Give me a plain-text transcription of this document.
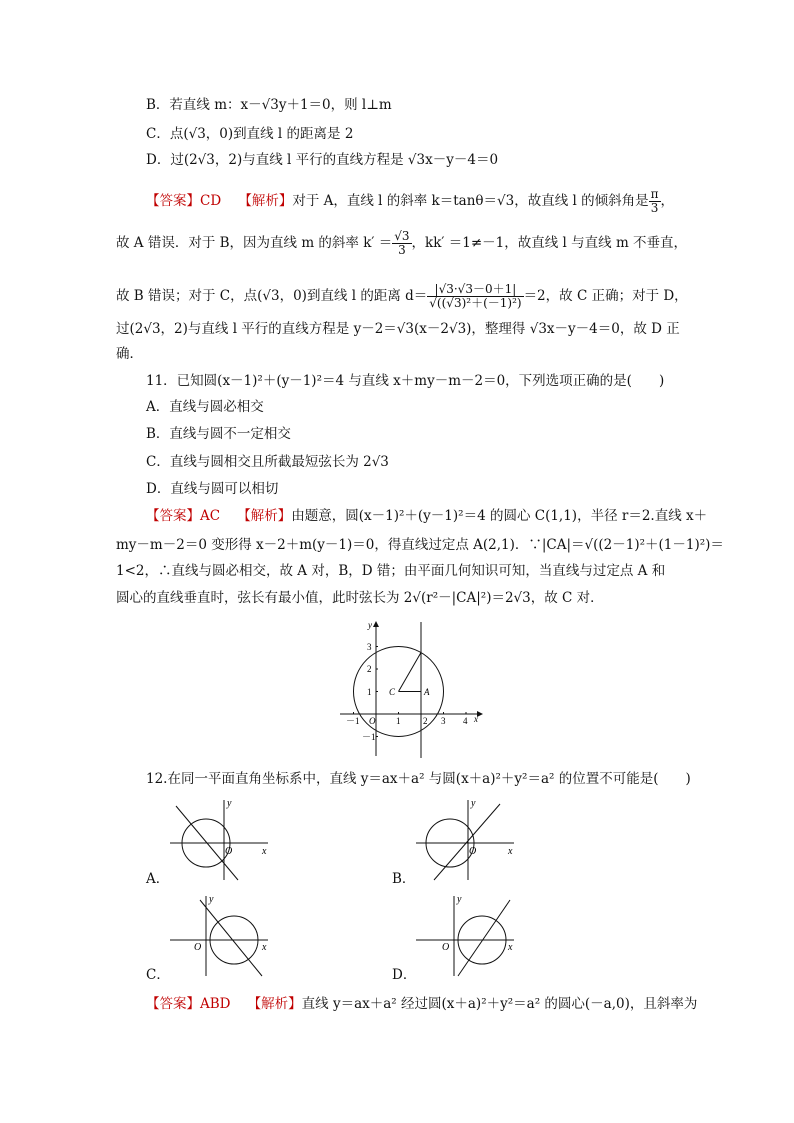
B．若直线 m：x－√3y＋1＝0，则 l⊥m
C．点(√3，0)到直线 l 的距离是 2
D．过(2√3，2)与直线 l 平行的直线方程是 √3x－y－4＝0
【答案】CD 【解析】对于 A，直线 l 的斜率 k＝tanθ＝√3，故直线 l 的倾斜角是 $\frac{\pi}{3}$ ，
故 A 错误．对于 B，因为直线 m 的斜率 $k' = \frac{√3}{3}$ ，kk′ ＝1≠－1，故直线 l 与直线 m 不垂直，
故 B 错误；对于 C，点(√3，0)到直线 l 的距离 $d= \frac{|√3\cdot√3-0+1|}{\text{√((√3)²＋(－1)²)}} =2$，故 C 正确；对于 D，
过(2√3，2)与直线 l 平行的直线方程是 y－2＝√3(x－2√3)，整理得 √3x－y－4＝0，故 D 正
确．
11．已知圆(x－1)²＋(y－1)²＝4 与直线 x＋my－m－2＝0，下列选项正确的是(　　)
A．直线与圆必相交
B．直线与圆不一定相交
C．直线与圆相交且所截最短弦长为 2√3
D．直线与圆可以相切
【答案】AC 【解析】由题意，圆(x－1)²＋(y－1)²＝4 的圆心 C(1,1)，半径 r＝2.直线 x＋
my－m－2＝0 变形得 x－2＋m(y－1)＝0，得直线过定点 A(2,1)．∵|CA|＝√((2－1)²＋(1－1)²)＝
1<2，∴直线与圆必相交，故 A 对，B，D 错；由平面几何知识可知，当直线与过定点 A 和
圆心的直线垂直时，弦长有最小值，此时弦长为 2√(r²－|CA|²)＝2√3，故 C 对．
－1 O 1	2 3 4 x
3
2
1
－1
y
C	A
12.在同一平面直角坐标系中，直线 y＝ax＋a² 与圆(x＋a)²＋y²＝a² 的位置不可能是(　　)
y
x
O
A．
y
x
O
B．
y
x
O
C．
y
x
O
D．
【答案】ABD 【解析】直线 y＝ax＋a² 经过圆(x＋a)²＋y²＝a² 的圆心(－a,0)，且斜率为
